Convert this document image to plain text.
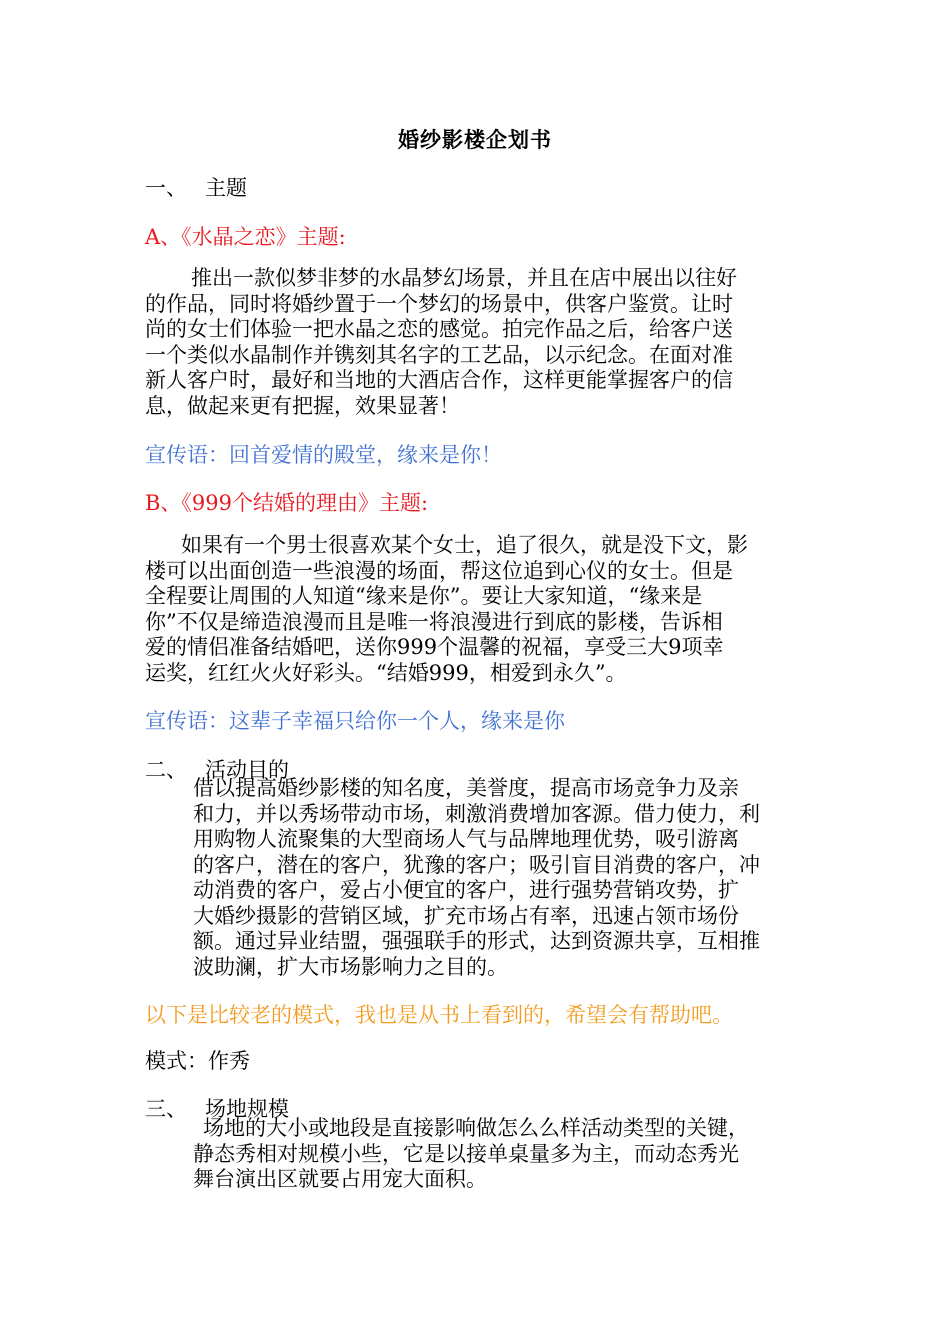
婚纱影楼企划书
一、 主题
A、《水晶之恋》主题:
推出一款似梦非梦的水晶梦幻场景，并且在店中展出以往好
的作品，同时将婚纱置于一个梦幻的场景中，供客户鉴赏。让时
尚的女士们体验一把水晶之恋的感觉。拍完作品之后，给客户送
一个类似水晶制作并镌刻其名字的工艺品，以示纪念。在面对准
新人客户时，最好和当地的大酒店合作，这样更能掌握客户的信
息，做起来更有把握，效果显著！
宣传语：回首爱情的殿堂，缘来是你！
B、《999个结婚的理由》主题:
如果有一个男士很喜欢某个女士，追了很久，就是没下文，影
楼可以出面创造一些浪漫的场面，帮这位追到心仪的女士。但是
全程要让周围的人知道“缘来是你”。要让大家知道，“缘来是
你”不仅是缔造浪漫而且是唯一将浪漫进行到底的影楼，告诉相
爱的情侣准备结婚吧，送你999个温馨的祝福，享受三大9项幸
运奖，红红火火好彩头。“结婚999，相爱到永久”。
宣传语：这辈子幸福只给你一个人，缘来是你
二、 活动目的
借以提高婚纱影楼的知名度，美誉度，提高市场竞争力及亲
和力，并以秀场带动市场，刺激消费增加客源。借力使力，利
用购物人流聚集的大型商场人气与品牌地理优势，吸引游离
的客户，潜在的客户，犹豫的客户；吸引盲目消费的客户，冲
动消费的客户，爱占小便宜的客户，进行强势营销攻势，扩
大婚纱摄影的营销区域，扩充市场占有率，迅速占领市场份
额。通过异业结盟，强强联手的形式，达到资源共享，互相推
波助澜，扩大市场影响力之目的。
以下是比较老的模式，我也是从书上看到的，希望会有帮助吧。
模式：作秀
三、 场地规模
场地的大小或地段是直接影响做怎么么样活动类型的关键，
静态秀相对规模小些，它是以接单桌量多为主，而动态秀光
舞台演出区就要占用宠大面积。
